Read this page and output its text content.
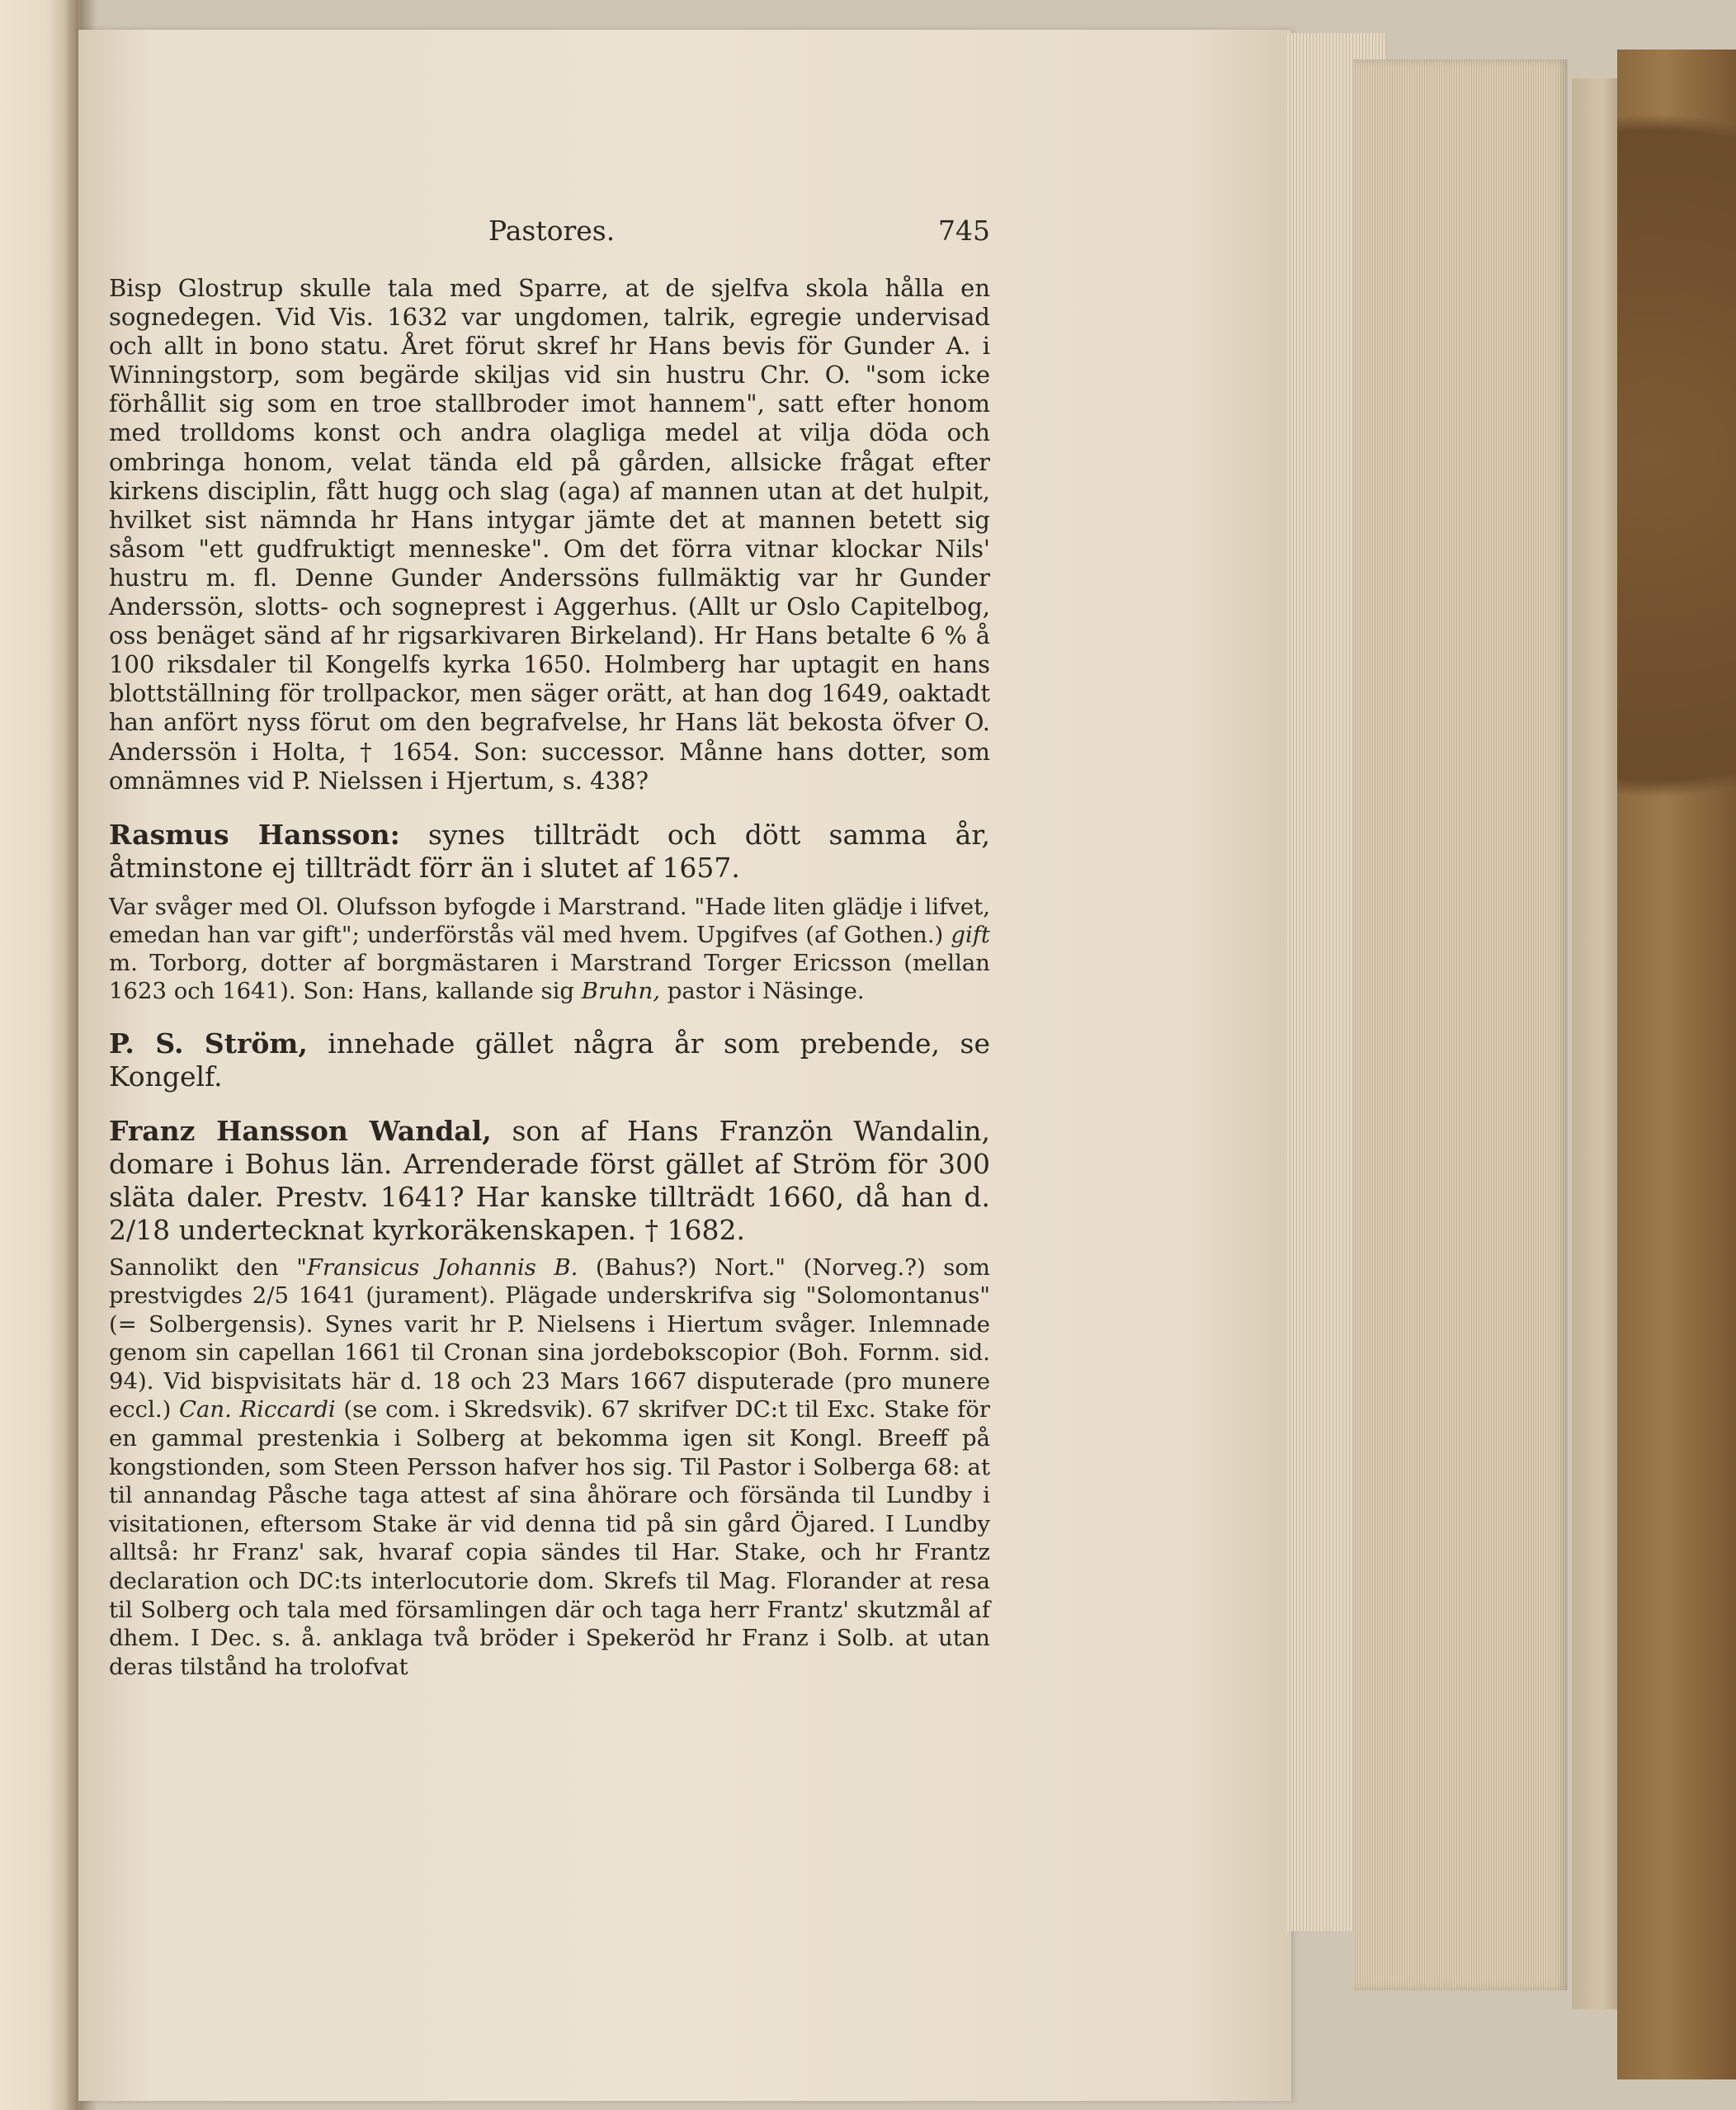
Pastores.	745

Bisp Glostrup skulle tala med Sparre, at de sjelfva skola hålla en sognedegen. Vid Vis. 1632 var ungdomen, talrik, egregie undervisad och allt in bono statu. Året förut skref hr Hans bevis för Gunder A. i Winningstorp, som begärde skiljas vid sin hustru Chr. O. "som icke förhållit sig som en troe stallbroder imot hannem", satt efter honom med trolldoms konst och andra olagliga medel at vilja döda och ombringa honom, velat tända eld på gården, allsicke frågat efter kirkens disciplin, fått hugg och slag (aga) af mannen utan at det hulpit, hvilket sist nämnda hr Hans intygar jämte det at mannen betett sig såsom "ett gudfruktigt menneske". Om det förra vitnar klockar Nils' hustru m. fl. Denne Gunder Anderssöns fullmäktig var hr Gunder Anderssön, slotts- och sogneprest i Aggerhus. (Allt ur Oslo Capitelbog, oss benäget sänd af hr rigsarkivaren Birkeland). Hr Hans betalte 6 % å 100 riksdaler til Kongelfs kyrka 1650. Holmberg har uptagit en hans blottställning för trollpackor, men säger orätt, at han dog 1649, oaktadt han anfört nyss förut om den begrafvelse, hr Hans lät bekosta öfver O. Anderssön i Holta, † 1654. Son: successor. Månne hans dotter, som omnämnes vid P. Nielssen i Hjertum, s. 438?

Rasmus Hansson: synes tillträdt och dött samma år, åtminstone ej tillträdt förr än i slutet af 1657.
Var svåger med Ol. Olufsson byfogde i Marstrand. "Hade liten glädje i lifvet, emedan han var gift"; underförstås väl med hvem. Upgifves (af Gothen.) gift m. Torborg, dotter af borgmästaren i Marstrand Torger Ericsson (mellan 1623 och 1641). Son: Hans, kallande sig Bruhn, pastor i Näsinge.
P. S. Ström, innehade gället några år som prebende, se Kongelf.
Franz Hansson Wandal, son af Hans Franzön Wandalin, domare i Bohus län. Arrenderade först gället af Ström för 300 släta daler. Prestv. 1641? Har kanske tillträdt 1660, då han d. 2/18 undertecknat kyrkoräkenskapen. † 1682.
Sannolikt den "Fransicus Johannis B. (Bahus?) Nort." (Norveg.?) som prestvigdes 2/5 1641 (jurament). Plägade underskrifva sig "Solomontanus" (= Solbergensis). Synes varit hr P. Nielsens i Hiertum svåger. Inlemnade genom sin capellan 1661 til Cronan sina jordebokscopior (Boh. Fornm. sid. 94). Vid bispvisitats här d. 18 och 23 Mars 1667 disputerade (pro munere eccl.) Can. Riccardi (se com. i Skredsvik). 67 skrifver DC:t til Exc. Stake för en gammal prestenkia i Solberg at bekomma igen sit Kongl. Breeff på kongstionden, som Steen Persson hafver hos sig. Til Pastor i Solberga 68: at til annandag Påsche taga attest af sina åhörare och försända til Lundby i visitationen, eftersom Stake är vid denna tid på sin gård Öjared. I Lundby alltså: hr Franz' sak, hvaraf copia sändes til Har. Stake, och hr Frantz declaration och DC:ts interlocutorie dom. Skrefs til Mag. Florander at resa til Solberg och tala med församlingen där och taga herr Frantz' skutzmål af dhem. I Dec. s. å. anklaga två bröder i Spekeröd hr Franz i Solb. at utan deras tilstånd ha trolofvat
